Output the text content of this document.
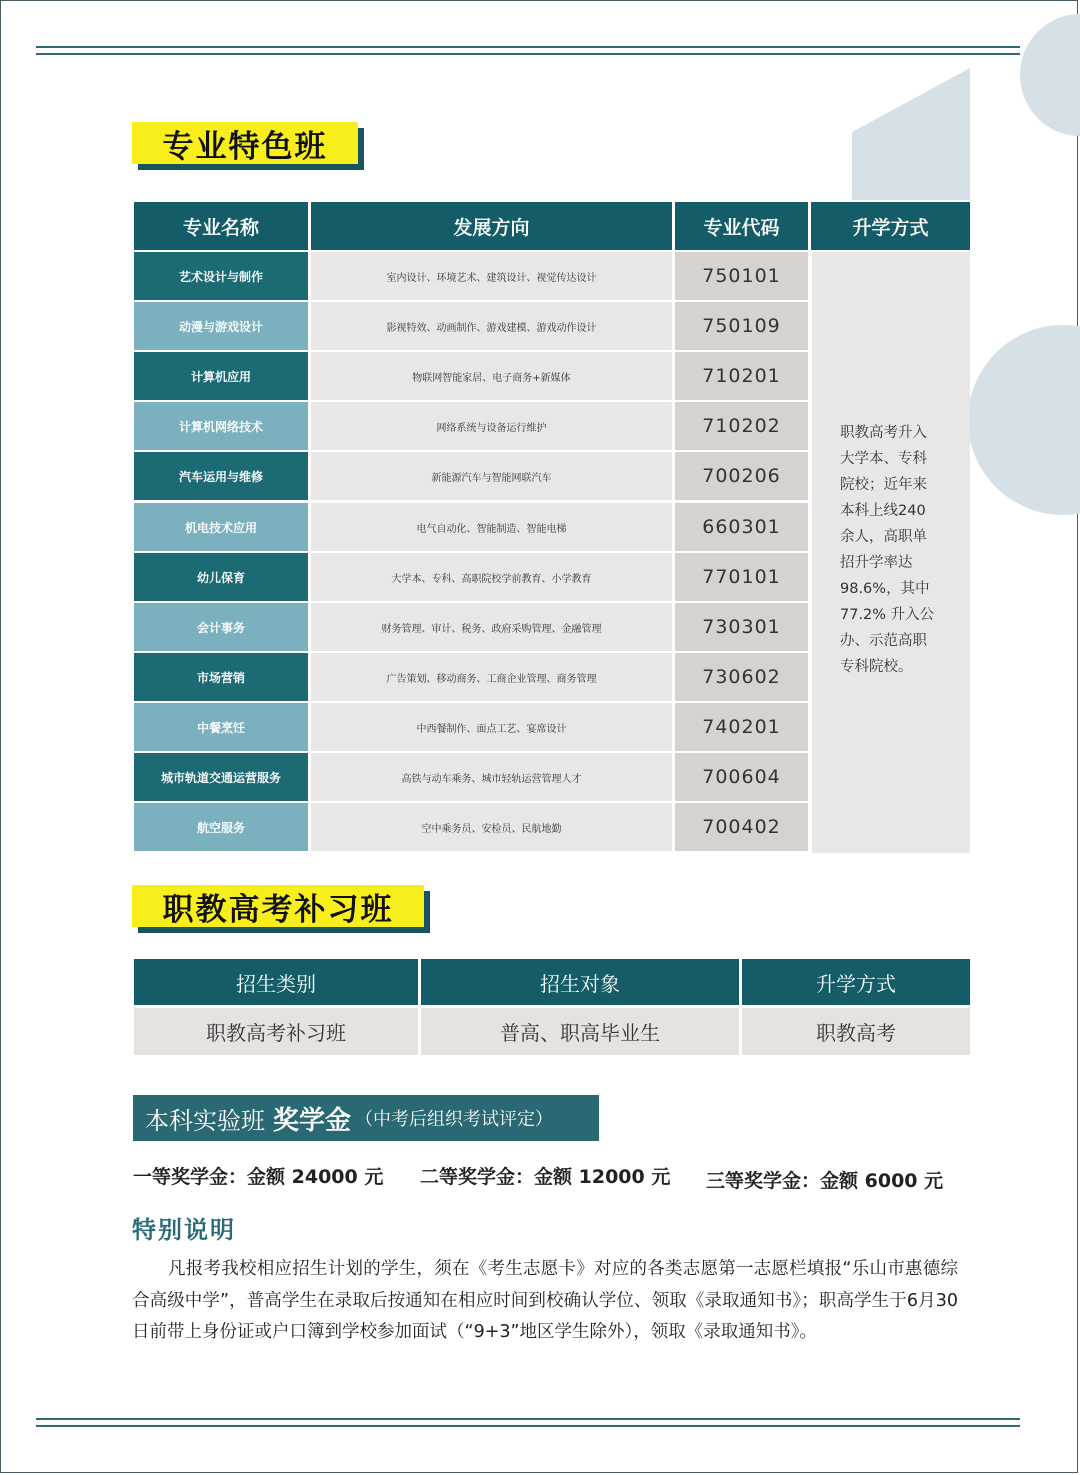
专业特色班
专业名称	发展方向	专业代码	升学方式
艺术设计与制作	室内设计、环境艺术、建筑设计、视觉传达设计	750101
动漫与游戏设计	影视特效、动画制作、游戏建模、游戏动作设计	750109
计算机应用	物联网智能家居、电子商务+新媒体	710201
计算机网络技术	网络系统与设备运行维护	710202
汽车运用与维修	新能源汽车与智能网联汽车	700206
机电技术应用	电气自动化、智能制造、智能电梯	660301
幼儿保育	大学本、专科、高职院校学前教育、小学教育	770101
会计事务	财务管理、审计、税务、政府采购管理、金融管理	730301
市场营销	广告策划、移动商务、工商企业管理、商务管理	730602
中餐烹饪	中西餐制作、面点工艺、宴席设计	740201
城市轨道交通运营服务	高铁与动车乘务、城市轻轨运营管理人才	700604
航空服务	空中乘务员、安检员、民航地勤	700402
职教高考升入
大学本、专科
院校；近年来
本科上线240
余人，高职单
招升学率达
98.6%，其中
77.2% 升入公
办、示范高职
专科院校。
职教高考补习班
招生类别	招生对象	升学方式
职教高考补习班	普高、职高毕业生	职教高考
本科实验班 奖学金 （中考后组织考试评定）
一等奖学金：金额 24000 元 二等奖学金：金额 12000 元 三等奖学金：金额 6000 元
特别说明
凡报考我校相应招生计划的学生，须在《考生志愿卡》对应的各类志愿第一志愿栏填报“乐山市惠德综合高级中学”，普高学生在录取后按通知在相应时间到校确认学位、领取《录取通知书》；职高学生于6月30日前带上身份证或户口簿到学校参加面试（“9+3”地区学生除外），领取《录取通知书》。
